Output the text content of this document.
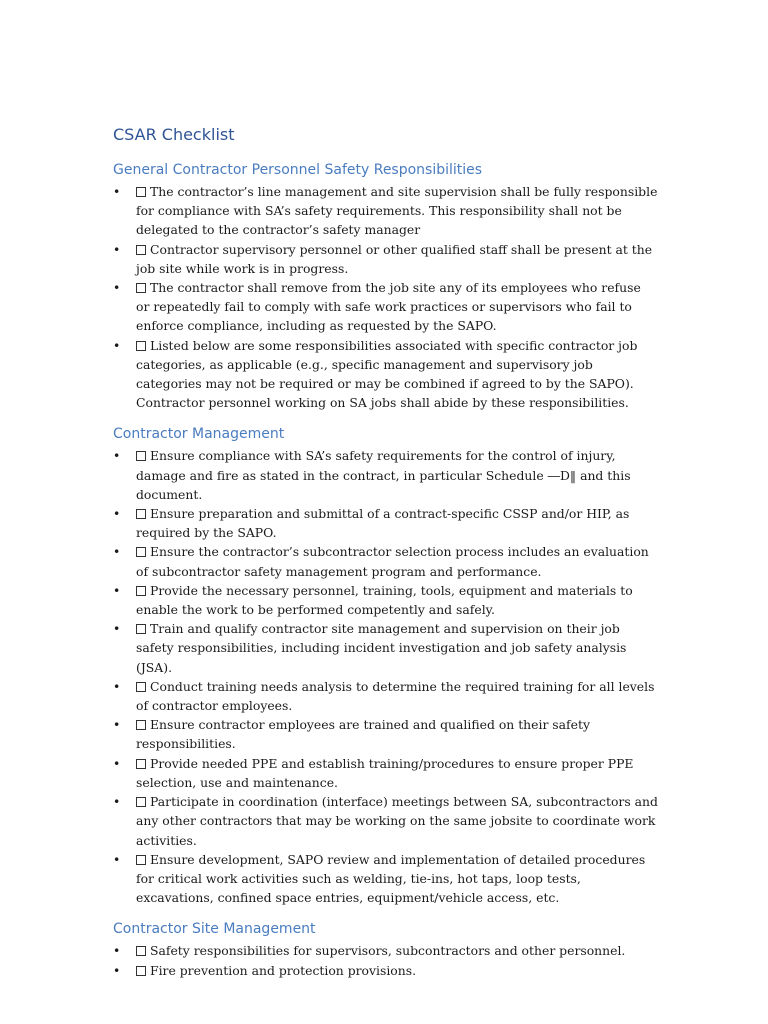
CSAR Checklist
General Contractor Personnel Safety Responsibilities
• The contractor’s line management and site supervision shall be fully responsible for compliance with SA’s safety requirements. This responsibility shall not be delegated to the contractor’s safety manager
• Contractor supervisory personnel or other qualified staff shall be present at the job site while work is in progress.
• The contractor shall remove from the job site any of its employees who refuse or repeatedly fail to comply with safe work practices or supervisors who fail to enforce compliance, including as requested by the SAPO.
• Listed below are some responsibilities associated with specific contractor job categories, as applicable (e.g., specific management and supervisory job categories may not be required or may be combined if agreed to by the SAPO). Contractor personnel working on SA jobs shall abide by these responsibilities.
Contractor Management
• Ensure compliance with SA’s safety requirements for the control of injury, damage and fire as stated in the contract, in particular Schedule ―D‖ and this document.
• Ensure preparation and submittal of a contract-specific CSSP and/or HIP, as required by the SAPO.
• Ensure the contractor’s subcontractor selection process includes an evaluation of subcontractor safety management program and performance.
• Provide the necessary personnel, training, tools, equipment and materials to enable the work to be performed competently and safely.
• Train and qualify contractor site management and supervision on their job safety responsibilities, including incident investigation and job safety analysis (JSA).
• Conduct training needs analysis to determine the required training for all levels of contractor employees.
• Ensure contractor employees are trained and qualified on their safety responsibilities.
• Provide needed PPE and establish training/procedures to ensure proper PPE selection, use and maintenance.
• Participate in coordination (interface) meetings between SA, subcontractors and any other contractors that may be working on the same jobsite to coordinate work activities.
• Ensure development, SAPO review and implementation of detailed procedures for critical work activities such as welding, tie-ins, hot taps, loop tests, excavations, confined space entries, equipment/vehicle access, etc.
Contractor Site Management
• Safety responsibilities for supervisors, subcontractors and other personnel.
• Fire prevention and protection provisions.
